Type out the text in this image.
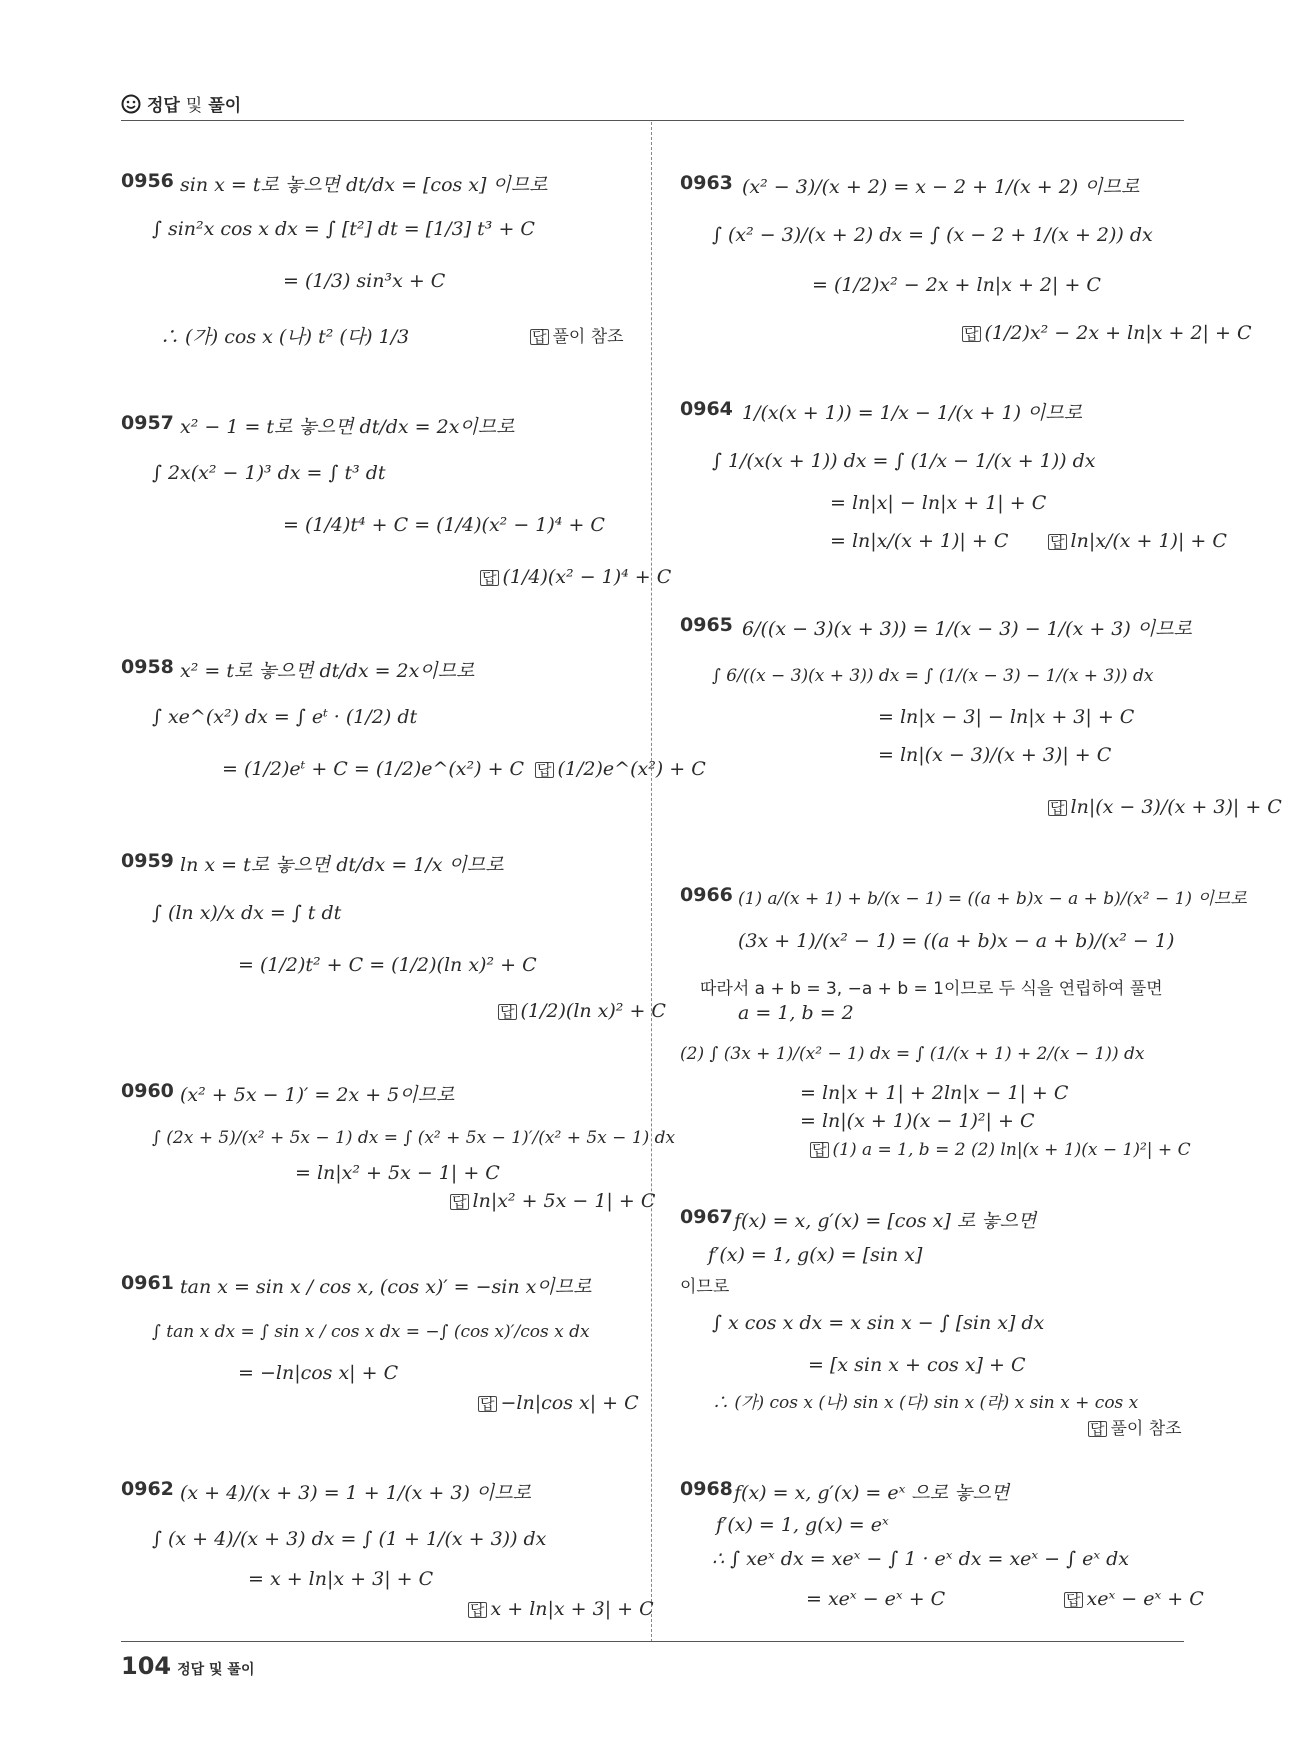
정답 및 풀이
0956 sin x = t로 놓으면 dt/dx = [cos x] 이므로
∫ sin²x cos x dx = ∫ [t²] dt = [1/3] t³ + C
= (1/3) sin³x + C
∴ (가) cos x (나) t² (다) 1/3	답 풀이 참조
0957 x² − 1 = t로 놓으면 dt/dx = 2x이므로
∫ 2x(x² − 1)³ dx = ∫ t³ dt
= (1/4)t⁴ + C = (1/4)(x² − 1)⁴ + C
답 (1/4)(x² − 1)⁴ + C
0958 x² = t로 놓으면 dt/dx = 2x이므로
∫ xe^(x²) dx = ∫ eᵗ · (1/2) dt
= (1/2)eᵗ + C = (1/2)e^(x²) + C 답 (1/2)e^(x²) + C
0959 ln x = t로 놓으면 dt/dx = 1/x 이므로
∫ (ln x)/x dx = ∫ t dt
= (1/2)t² + C = (1/2)(ln x)² + C
답 (1/2)(ln x)² + C
0960 (x² + 5x − 1)′ = 2x + 5이므로
∫ (2x + 5)/(x² + 5x − 1) dx = ∫ (x² + 5x − 1)′/(x² + 5x − 1) dx
= ln|x² + 5x − 1| + C
답 ln|x² + 5x − 1| + C
0961 tan x = sin x / cos x, (cos x)′ = −sin x이므로
∫ tan x dx = ∫ sin x / cos x dx = −∫ (cos x)′/cos x dx
= −ln|cos x| + C
답 −ln|cos x| + C
0962 (x + 4)/(x + 3) = 1 + 1/(x + 3) 이므로
∫ (x + 4)/(x + 3) dx = ∫ (1 + 1/(x + 3)) dx
= x + ln|x + 3| + C
답 x + ln|x + 3| + C
0963 (x² − 3)/(x + 2) = x − 2 + 1/(x + 2) 이므로
∫ (x² − 3)/(x + 2) dx = ∫ (x − 2 + 1/(x + 2)) dx
= (1/2)x² − 2x + ln|x + 2| + C
답 (1/2)x² − 2x + ln|x + 2| + C
0964 1/(x(x + 1)) = 1/x − 1/(x + 1) 이므로
∫ 1/(x(x + 1)) dx = ∫ (1/x − 1/(x + 1)) dx
= ln|x| − ln|x + 1| + C
= ln|x/(x + 1)| + C	답 ln|x/(x + 1)| + C
0965 6/((x − 3)(x + 3)) = 1/(x − 3) − 1/(x + 3) 이므로
∫ 6/((x − 3)(x + 3)) dx = ∫ (1/(x − 3) − 1/(x + 3)) dx
= ln|x − 3| − ln|x + 3| + C
= ln|(x − 3)/(x + 3)| + C
답 ln|(x − 3)/(x + 3)| + C
0966 (1) a/(x + 1) + b/(x − 1) = ((a + b)x − a + b)/(x² − 1) 이므로
(3x + 1)/(x² − 1) = ((a + b)x − a + b)/(x² − 1)
따라서 a + b = 3, −a + b = 1이므로 두 식을 연립하여 풀면
a = 1, b = 2
(2) ∫ (3x + 1)/(x² − 1) dx = ∫ (1/(x + 1) + 2/(x − 1)) dx
= ln|x + 1| + 2ln|x − 1| + C
= ln|(x + 1)(x − 1)²| + C
답 (1) a = 1, b = 2 (2) ln|(x + 1)(x − 1)²| + C
0967 f(x) = x, g′(x) = [cos x] 로 놓으면
f′(x) = 1, g(x) = [sin x]
이므로
∫ x cos x dx = x sin x − ∫ [sin x] dx
= [x sin x + cos x] + C
∴ (가) cos x (나) sin x (다) sin x (라) x sin x + cos x
답 풀이 참조
0968 f(x) = x, g′(x) = eˣ 으로 놓으면
f′(x) = 1, g(x) = eˣ
∴ ∫ xeˣ dx = xeˣ − ∫ 1 · eˣ dx = xeˣ − ∫ eˣ dx
= xeˣ − eˣ + C	답 xeˣ − eˣ + C
104 정답 및 풀이
